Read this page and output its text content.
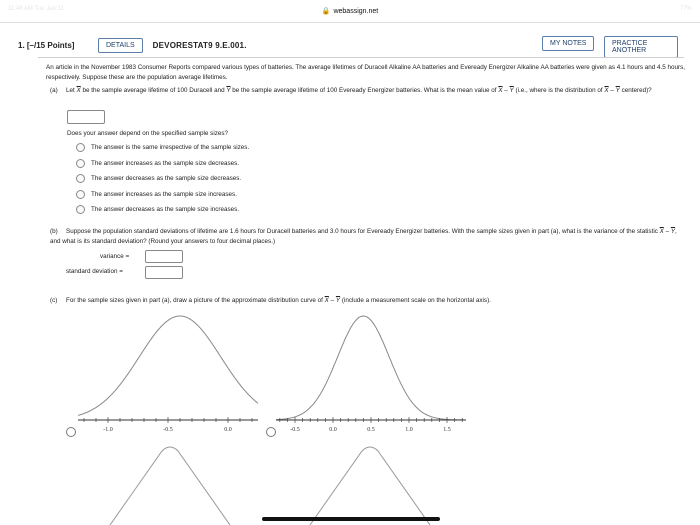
11:48 AM Tue Jan 11	🔒 webassign.net	77%
1. [–/15 Points]	DETAILS	DEVORESTAT9 9.E.001.	MY NOTES	PRACTICE ANOTHER
An article in the November 1983 Consumer Reports compared various types of batteries. The average lifetimes of Duracell Alkaline AA batteries and Eveready Energizer Alkaline AA batteries were given as 4.1 hours and 4.5 hours, respectively. Suppose these are the population average lifetimes.
(a) Let $\overline{X}$ be the sample average lifetime of 100 Duracell and $\overline{Y}$ be the sample average lifetime of 100 Eveready Energizer batteries. What is the mean value of $\overline{X} - \overline{Y}$ (i.e., where is the distribution of $\overline{X} - \overline{Y}$ centered)?
Does your answer depend on the specified sample sizes?
The answer is the same irrespective of the sample sizes.
The answer increases as the sample size decreases.
The answer decreases as the sample size decreases.
The answer increases as the sample size increases.
The answer decreases as the sample size increases.
(b) Suppose the population standard deviations of lifetime are 1.6 hours for Duracell batteries and 3.0 hours for Eveready Energizer batteries. With the sample sizes given in part (a), what is the variance of the statistic $\overline{X} - \overline{Y}$, and what is its standard deviation? (Round your answers to four decimal places.)
variance =
standard deviation =
(c) For the sample sizes given in part (a), draw a picture of the approximate distribution curve of $\overline{X} - \overline{Y}$ (include a measurement scale on the horizontal axis).
-1.0	-0.5	0.0	-0.5	0.0	0.5	1.0	1.5
